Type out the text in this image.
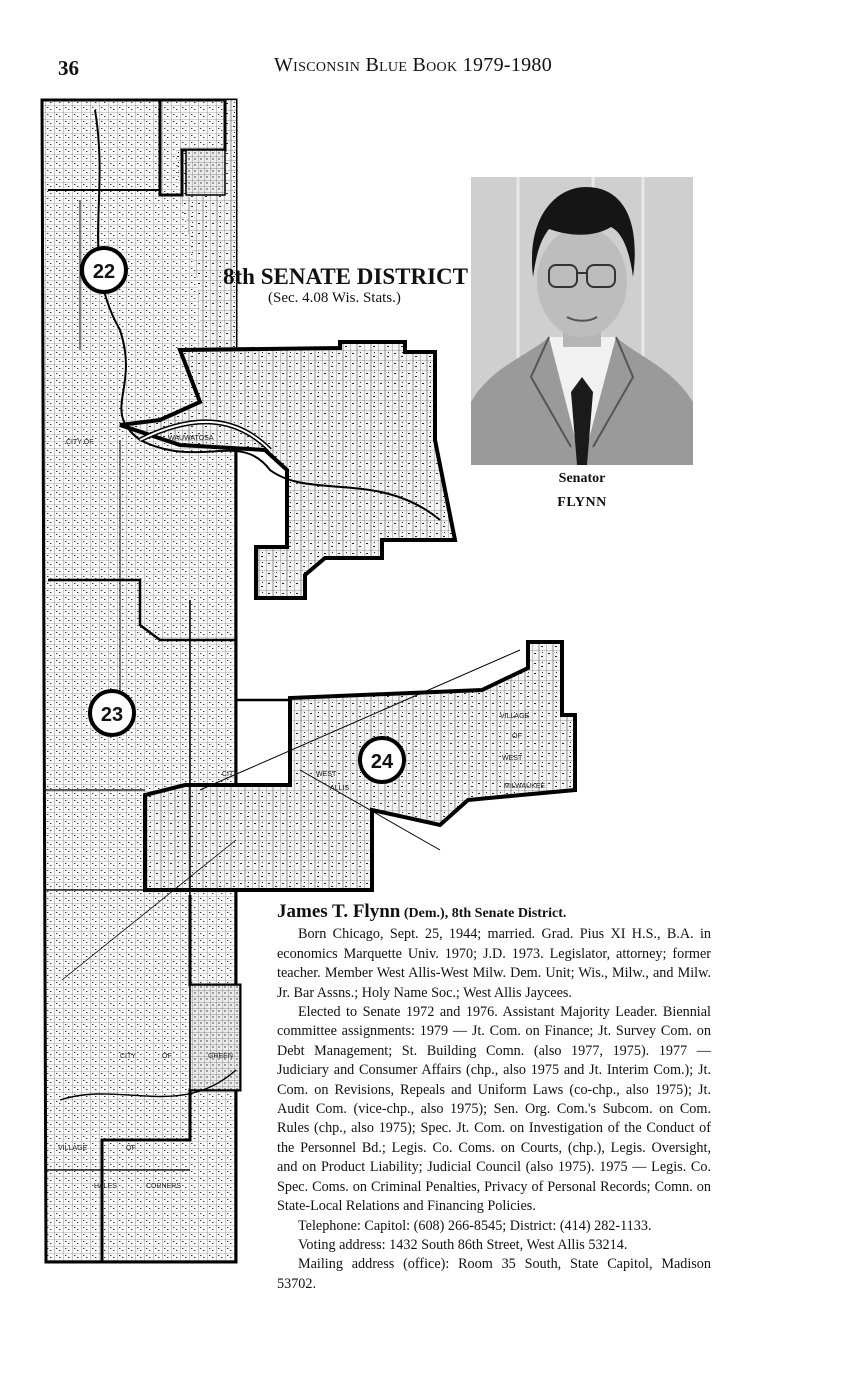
36	Wisconsin Blue Book 1979-1980
CITY OF
WAUWATOSA
CITY	WEST
ALLIS
VILLAGE
OF
WEST
MILWAUKEE
CITY	OF	GREEN
VILLAGE	OF
HALES	CORNERS
22
23
24
8th SENATE DISTRICT
(Sec. 4.08 Wis. Stats.)
Senator
FLYNN

James T. Flynn (Dem.), 8th Senate District.

Born Chicago, Sept. 25, 1944; married. Grad. Pius XI H.S., B.A. in economics Marquette Univ. 1970; J.D. 1973. Legislator, attorney; former teacher. Member West Allis-West Milw. Dem. Unit; Wis., Milw., and Milw. Jr. Bar Assns.; Holy Name Soc.; West Allis Jaycees.

Elected to Senate 1972 and 1976. Assistant Majority Leader. Biennial committee assignments: 1979 — Jt. Com. on Finance; Jt. Survey Com. on Debt Management; St. Building Comn. (also 1977, 1975). 1977 — Judiciary and Consumer Affairs (chp., also 1975 and Jt. Interim Com.); Jt. Com. on Revisions, Repeals and Uniform Laws (co-chp., also 1975); Jt. Audit Com. (vice-chp., also 1975); Sen. Org. Com.'s Subcom. on Com. Rules (chp., also 1975); Spec. Jt. Com. on Investigation of the Conduct of the Personnel Bd.; Legis. Co. Coms. on Courts, (chp.), Legis. Oversight, and on Product Liability; Judicial Council (also 1975). 1975 — Legis. Co. Spec. Coms. on Criminal Penalties, Privacy of Personal Records; Comn. on State-Local Relations and Financing Policies.

Telephone: Capitol: (608) 266-8545; District: (414) 282-1133.

Voting address: 1432 South 86th Street, West Allis 53214.

Mailing address (office): Room 35 South, State Capitol, Madison 53702.
